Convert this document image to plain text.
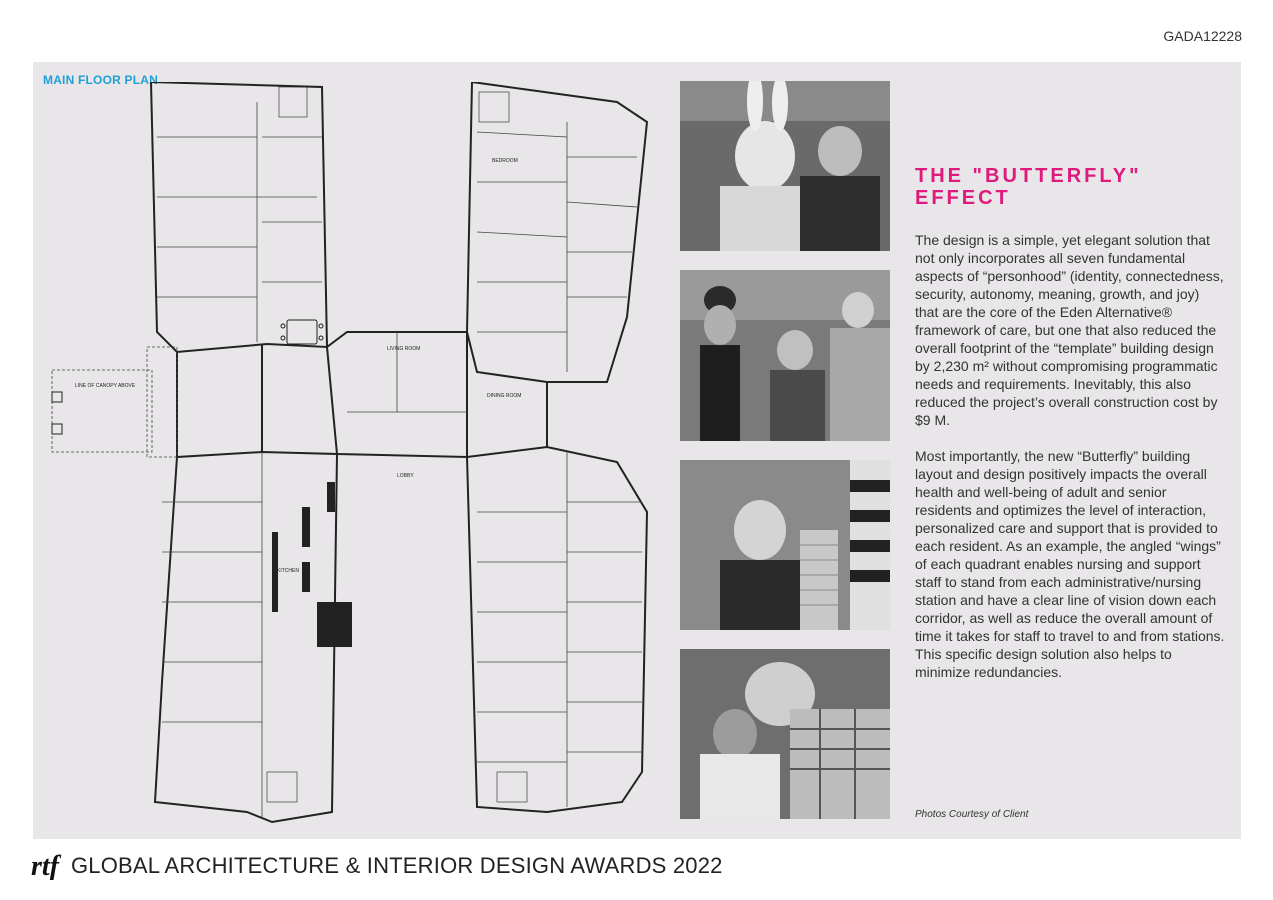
GADA12228
MAIN FLOOR PLAN
LINE OF CANOPY ABOVE
LIVING ROOM
DINING ROOM
LOBBY
KITCHEN
BEDROOM
THE "BUTTERFLY"
EFFECT

The design is a simple, yet elegant solution that not only incorporates all seven fundamental aspects of “personhood” (identity, connectedness, security, autonomy, meaning, growth, and joy) that are the core of the Eden Alternative® framework of care, but one that also reduced the overall footprint of the “template” building design by 2,230 m² without compromising programmatic needs and requirements. Inevitably, this also reduced the project’s overall construction cost by $9 M.

Most importantly, the new “Butterfly” building layout and design positively impacts the overall health and well-being of adult and senior residents and optimizes the level of interaction, personalized care and support that is provided to each resident. As an example, the angled “wings” of each quadrant enables nursing and support staff to stand from each administrative/nursing station and have a clear line of vision down each corridor, as well as reduce the overall amount of time it takes for staff to travel to and from stations. This specific design solution also helps to minimize redundancies.

Photos Courtesy of Client
rtf GLOBAL ARCHITECTURE & INTERIOR DESIGN AWARDS 2022
